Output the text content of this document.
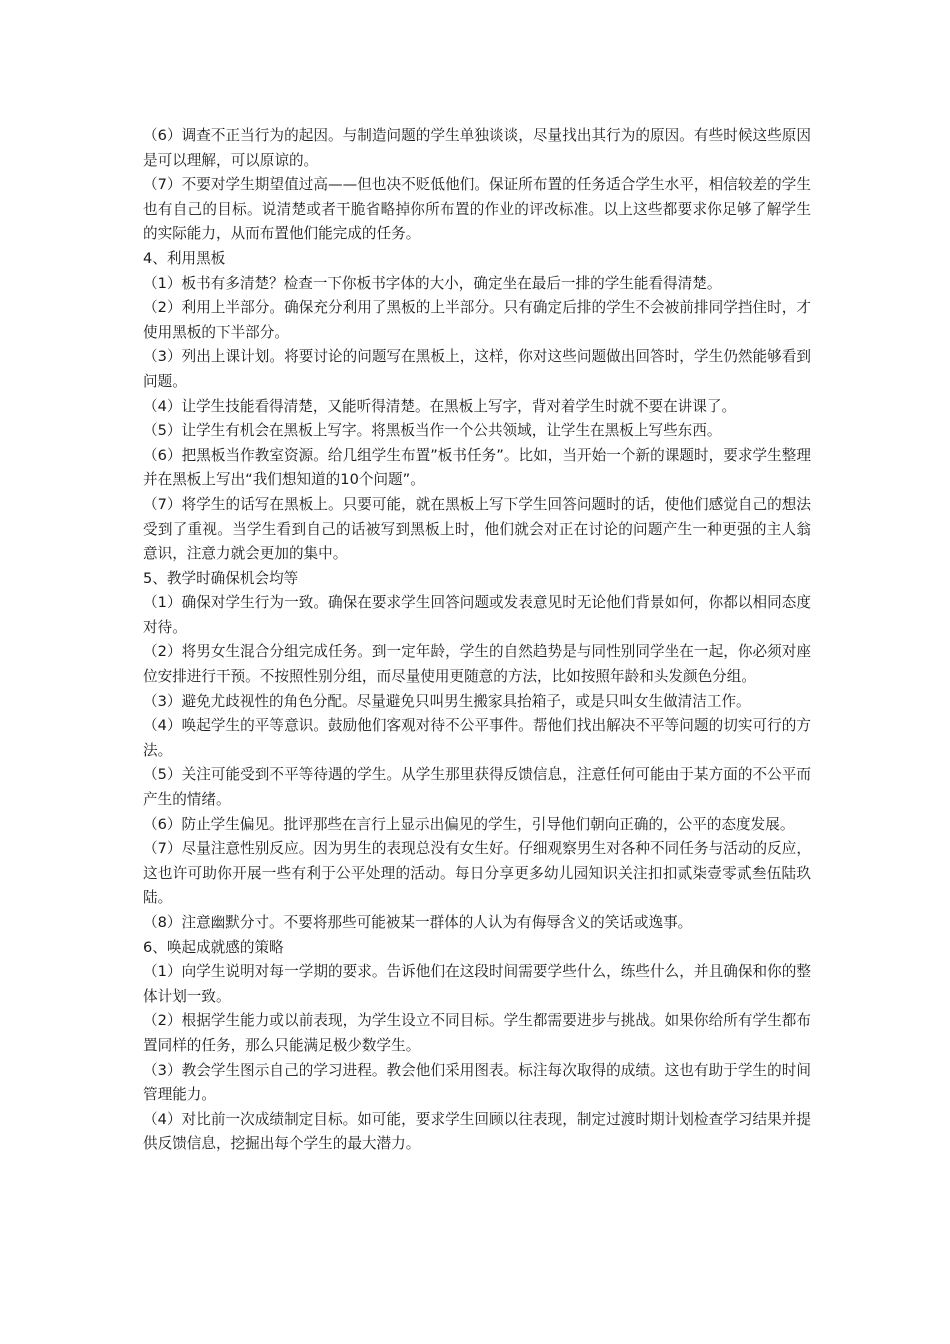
（6）调查不正当行为的起因。与制造问题的学生单独谈谈，尽量找出其行为的原因。有些时候这些原因是可以理解，可以原谅的。

（7）不要对学生期望值过高——但也决不贬低他们。保证所布置的任务适合学生水平，相信较差的学生也有自己的目标。说清楚或者干脆省略掉你所布置的作业的评改标准。以上这些都要求你足够了解学生的实际能力，从而布置他们能完成的任务。

4、利用黑板

（1）板书有多清楚？检查一下你板书字体的大小，确定坐在最后一排的学生能看得清楚。

（2）利用上半部分。确保充分利用了黑板的上半部分。只有确定后排的学生不会被前排同学挡住时，才使用黑板的下半部分。

（3）列出上课计划。将要讨论的问题写在黑板上，这样，你对这些问题做出回答时，学生仍然能够看到问题。

（4）让学生技能看得清楚，又能听得清楚。在黑板上写字，背对着学生时就不要在讲课了。

（5）让学生有机会在黑板上写字。将黑板当作一个公共领域，让学生在黑板上写些东西。

（6）把黑板当作教室资源。给几组学生布置”板书任务”。比如，当开始一个新的课题时，要求学生整理并在黑板上写出“我们想知道的10个问题”。

（7）将学生的话写在黑板上。只要可能，就在黑板上写下学生回答问题时的话，使他们感觉自己的想法受到了重视。当学生看到自己的话被写到黑板上时，他们就会对正在讨论的问题产生一种更强的主人翁意识，注意力就会更加的集中。

5、教学时确保机会均等

（1）确保对学生行为一致。确保在要求学生回答问题或发表意见时无论他们背景如何，你都以相同态度对待。

（2）将男女生混合分组完成任务。到一定年龄，学生的自然趋势是与同性别同学坐在一起，你必须对座位安排进行干预。不按照性别分组，而尽量使用更随意的方法，比如按照年龄和头发颜色分组。

（3）避免尤歧视性的角色分配。尽量避免只叫男生搬家具抬箱子，或是只叫女生做清洁工作。

（4）唤起学生的平等意识。鼓励他们客观对待不公平事件。帮他们找出解决不平等问题的切实可行的方法。

（5）关注可能受到不平等待遇的学生。从学生那里获得反馈信息，注意任何可能由于某方面的不公平而产生的情绪。

（6）防止学生偏见。批评那些在言行上显示出偏见的学生，引导他们朝向正确的，公平的态度发展。

（7）尽量注意性别反应。因为男生的表现总没有女生好。仔细观察男生对各种不同任务与活动的反应，这也许可助你开展一些有利于公平处理的活动。每日分享更多幼儿园知识关注扣扣贰柒壹零贰叁伍陆玖陆。

（8）注意幽默分寸。不要将那些可能被某一群体的人认为有侮辱含义的笑话或逸事。

6、唤起成就感的策略

（1）向学生说明对每一学期的要求。告诉他们在这段时间需要学些什么，练些什么，并且确保和你的整体计划一致。

（2）根据学生能力或以前表现，为学生设立不同目标。学生都需要进步与挑战。如果你给所有学生都布置同样的任务，那么只能满足极少数学生。

（3）教会学生图示自己的学习进程。教会他们采用图表。标注每次取得的成绩。这也有助于学生的时间管理能力。

（4）对比前一次成绩制定目标。如可能，要求学生回顾以往表现，制定过渡时期计划检查学习结果并提供反馈信息，挖掘出每个学生的最大潜力。
